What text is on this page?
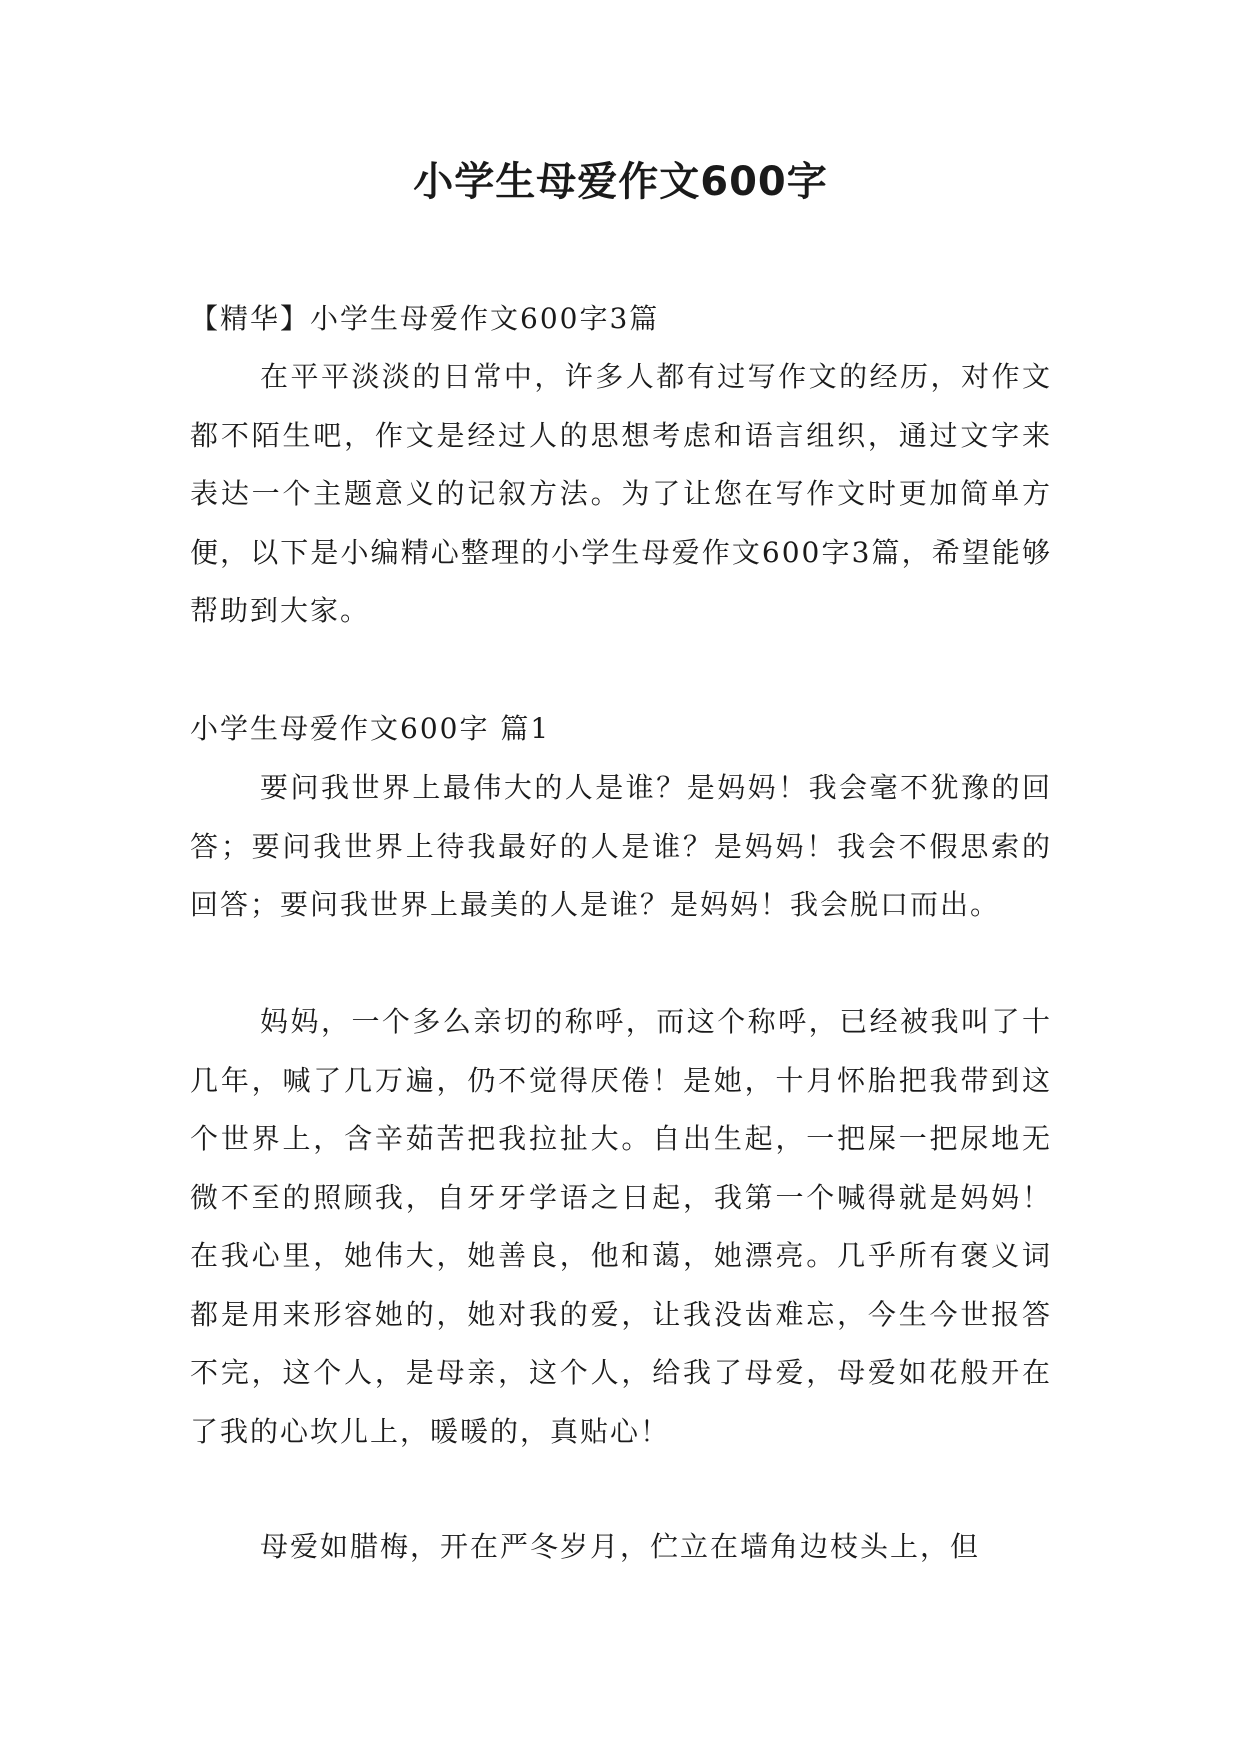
小学生母爱作文600字

【精华】小学生母爱作文600字3篇

在平平淡淡的日常中，许多人都有过写作文的经历，对作文都不陌生吧，作文是经过人的思想考虑和语言组织，通过文字来表达一个主题意义的记叙方法。为了让您在写作文时更加简单方便，以下是小编精心整理的小学生母爱作文600字3篇，希望能够帮助到大家。

小学生母爱作文600字 篇1

要问我世界上最伟大的人是谁？是妈妈！我会毫不犹豫的回答；要问我世界上待我最好的人是谁？是妈妈！我会不假思索的回答；要问我世界上最美的人是谁？是妈妈！我会脱口而出。

妈妈，一个多么亲切的称呼，而这个称呼，已经被我叫了十几年，喊了几万遍，仍不觉得厌倦！是她，十月怀胎把我带到这个世界上，含辛茹苦把我拉扯大。自出生起，一把屎一把尿地无微不至的照顾我，自牙牙学语之日起，我第一个喊得就是妈妈！在我心里，她伟大，她善良，他和蔼，她漂亮。几乎所有褒义词都是用来形容她的，她对我的爱，让我没齿难忘，今生今世报答不完，这个人，是母亲，这个人，给我了母爱，母爱如花般开在了我的心坎儿上，暖暖的，真贴心！

母爱如腊梅，开在严冬岁月，伫立在墙角边枝头上，但
